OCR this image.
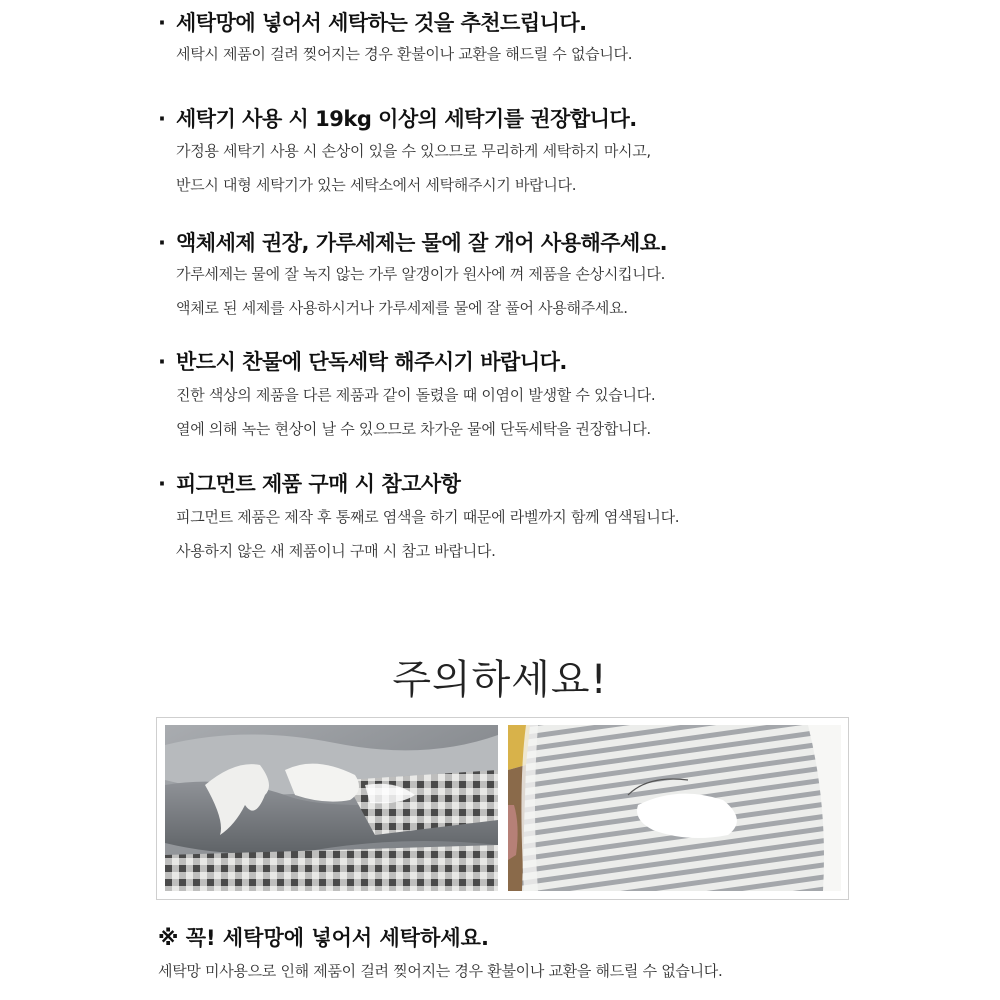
· 세탁망에 넣어서 세탁하는 것을 추천드립니다.
세탁시 제품이 걸려 찢어지는 경우 환불이나 교환을 해드릴 수 없습니다.
· 세탁기 사용 시 19kg 이상의 세탁기를 권장합니다.
가정용 세탁기 사용 시 손상이 있을 수 있으므로 무리하게 세탁하지 마시고,
반드시 대형 세탁기가 있는 세탁소에서 세탁해주시기 바랍니다.
· 액체세제 권장, 가루세제는 물에 잘 개어 사용해주세요.
가루세제는 물에 잘 녹지 않는 가루 알갱이가 원사에 껴 제품을 손상시킵니다.
액체로 된 세제를 사용하시거나 가루세제를 물에 잘 풀어 사용해주세요.
· 반드시 찬물에 단독세탁 해주시기 바랍니다.
진한 색상의 제품을 다른 제품과 같이 돌렸을 때 이염이 발생할 수 있습니다.
열에 의해 녹는 현상이 날 수 있으므로 차가운 물에 단독세탁을 권장합니다.
· 피그먼트 제품 구매 시 참고사항
피그먼트 제품은 제작 후 통째로 염색을 하기 때문에 라벨까지 함께 염색됩니다.
사용하지 않은 새 제품이니 구매 시 참고 바랍니다.
주의하세요!
※ 꼭! 세탁망에 넣어서 세탁하세요.
세탁망 미사용으로 인해 제품이 걸려 찢어지는 경우 환불이나 교환을 해드릴 수 없습니다.
